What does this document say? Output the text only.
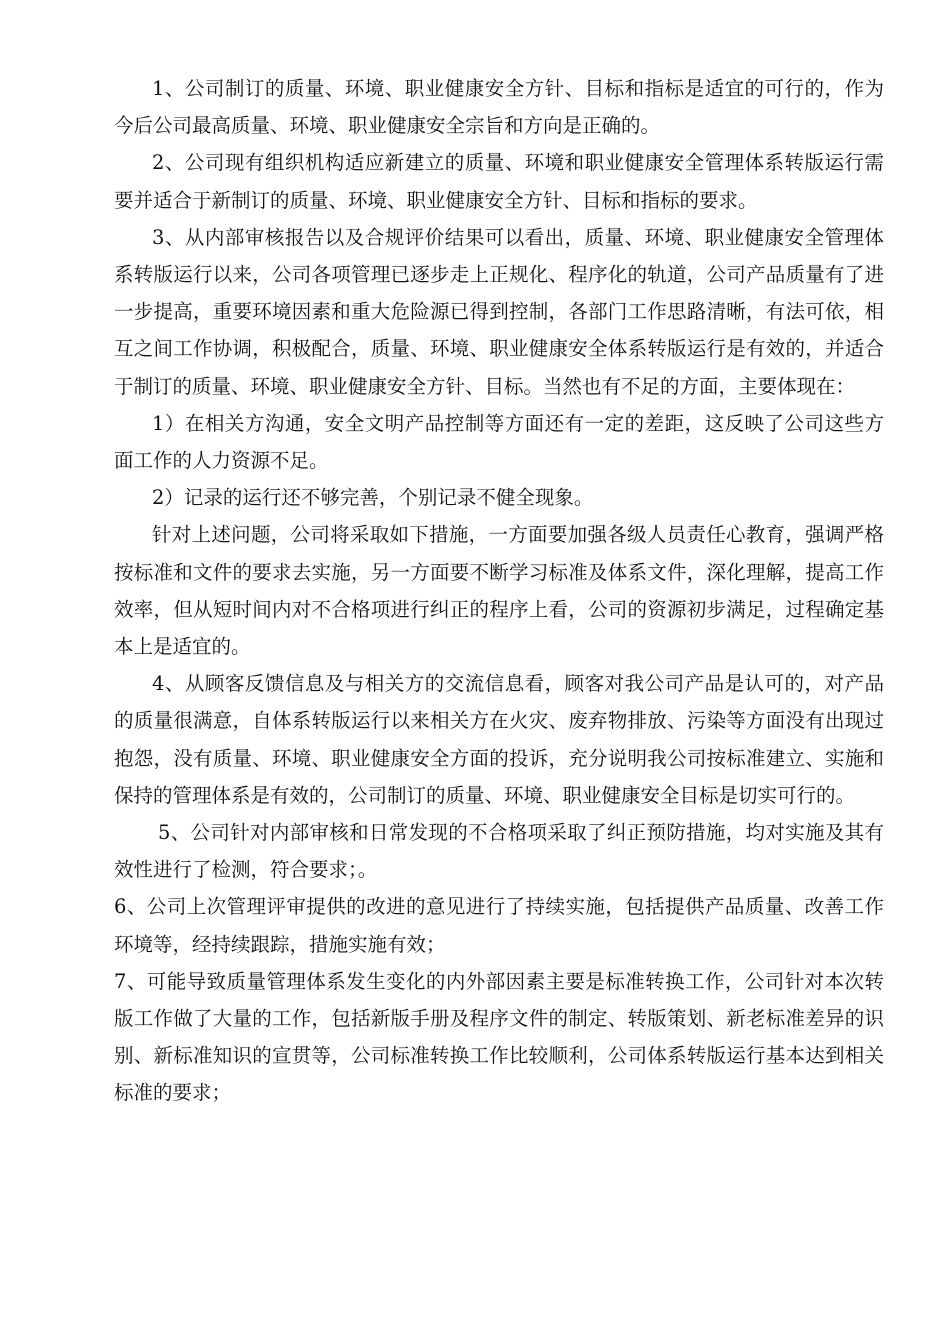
1、公司制订的质量、环境、职业健康安全方针、目标和指标是适宜的可行的，作为今后公司最高质量、环境、职业健康安全宗旨和方向是正确的。

2、公司现有组织机构适应新建立的质量、环境和职业健康安全管理体系转版运行需要并适合于新制订的质量、环境、职业健康安全方针、目标和指标的要求。

3、从内部审核报告以及合规评价结果可以看出，质量、环境、职业健康安全管理体系转版运行以来，公司各项管理已逐步走上正规化、程序化的轨道，公司产品质量有了进一步提高，重要环境因素和重大危险源已得到控制，各部门工作思路清晰，有法可依，相互之间工作协调，积极配合，质量、环境、职业健康安全体系转版运行是有效的，并适合于制订的质量、环境、职业健康安全方针、目标。当然也有不足的方面，主要体现在：

1）在相关方沟通，安全文明产品控制等方面还有一定的差距，这反映了公司这些方面工作的人力资源不足。

2）记录的运行还不够完善，个别记录不健全现象。

针对上述问题，公司将采取如下措施，一方面要加强各级人员责任心教育，强调严格按标准和文件的要求去实施，另一方面要不断学习标准及体系文件，深化理解，提高工作效率，但从短时间内对不合格项进行纠正的程序上看，公司的资源初步满足，过程确定基本上是适宜的。

4、从顾客反馈信息及与相关方的交流信息看，顾客对我公司产品是认可的，对产品的质量很满意，自体系转版运行以来相关方在火灾、废弃物排放、污染等方面没有出现过抱怨，没有质量、环境、职业健康安全方面的投诉，充分说明我公司按标准建立、实施和保持的管理体系是有效的，公司制订的质量、环境、职业健康安全目标是切实可行的。

5、公司针对内部审核和日常发现的不合格项采取了纠正预防措施，均对实施及其有效性进行了检测，符合要求；。

6、公司上次管理评审提供的改进的意见进行了持续实施，包括提供产品质量、改善工作环境等，经持续跟踪，措施实施有效；

7、可能导致质量管理体系发生变化的内外部因素主要是标准转换工作，公司针对本次转版工作做了大量的工作，包括新版手册及程序文件的制定、转版策划、新老标准差异的识别、新标准知识的宣贯等，公司标准转换工作比较顺利，公司体系转版运行基本达到相关标准的要求；
